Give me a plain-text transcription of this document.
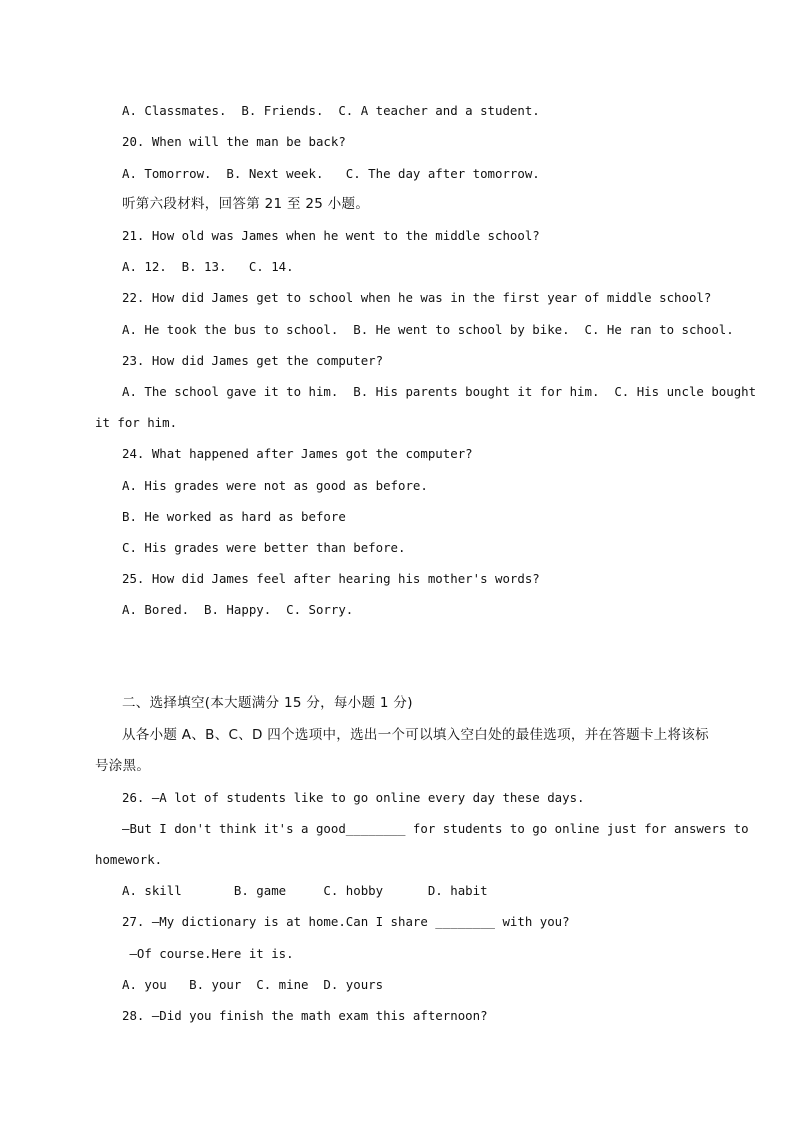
A. Classmates.  B. Friends.  C. A teacher and a student.
20. When will the man be back?
A. Tomorrow.  B. Next week.   C. The day after tomorrow.
听第六段材料，回答第 21 至 25 小题。
21. How old was James when he went to the middle school?
A. 12.  B. 13.   C. 14.
22. How did James get to school when he was in the first year of middle school?
A. He took the bus to school.  B. He went to school by bike.  C. He ran to school.
23. How did James get the computer?
A. The school gave it to him.  B. His parents bought it for him.  C. His uncle bought
it for him.
24. What happened after James got the computer?
A. His grades were not as good as before.
B. He worked as hard as before
C. His grades were better than before.
25. How did James feel after hearing his mother's words?
A. Bored.  B. Happy.  C. Sorry.
二、选择填空(本大题满分 15 分，每小题 1 分)
从各小题 A、B、C、D 四个选项中，选出一个可以填入空白处的最佳选项，并在答题卡上将该标
号涂黑。
26. —A lot of students like to go online every day these days.
—But I don't think it's a good________ for students to go online just for answers to
homework.
A. skill       B. game     C. hobby      D. habit
27. —My dictionary is at home.Can I share ________ with you?
—Of course.Here it is.
A. you   B. your  C. mine  D. yours
28. —Did you finish the math exam this afternoon?
